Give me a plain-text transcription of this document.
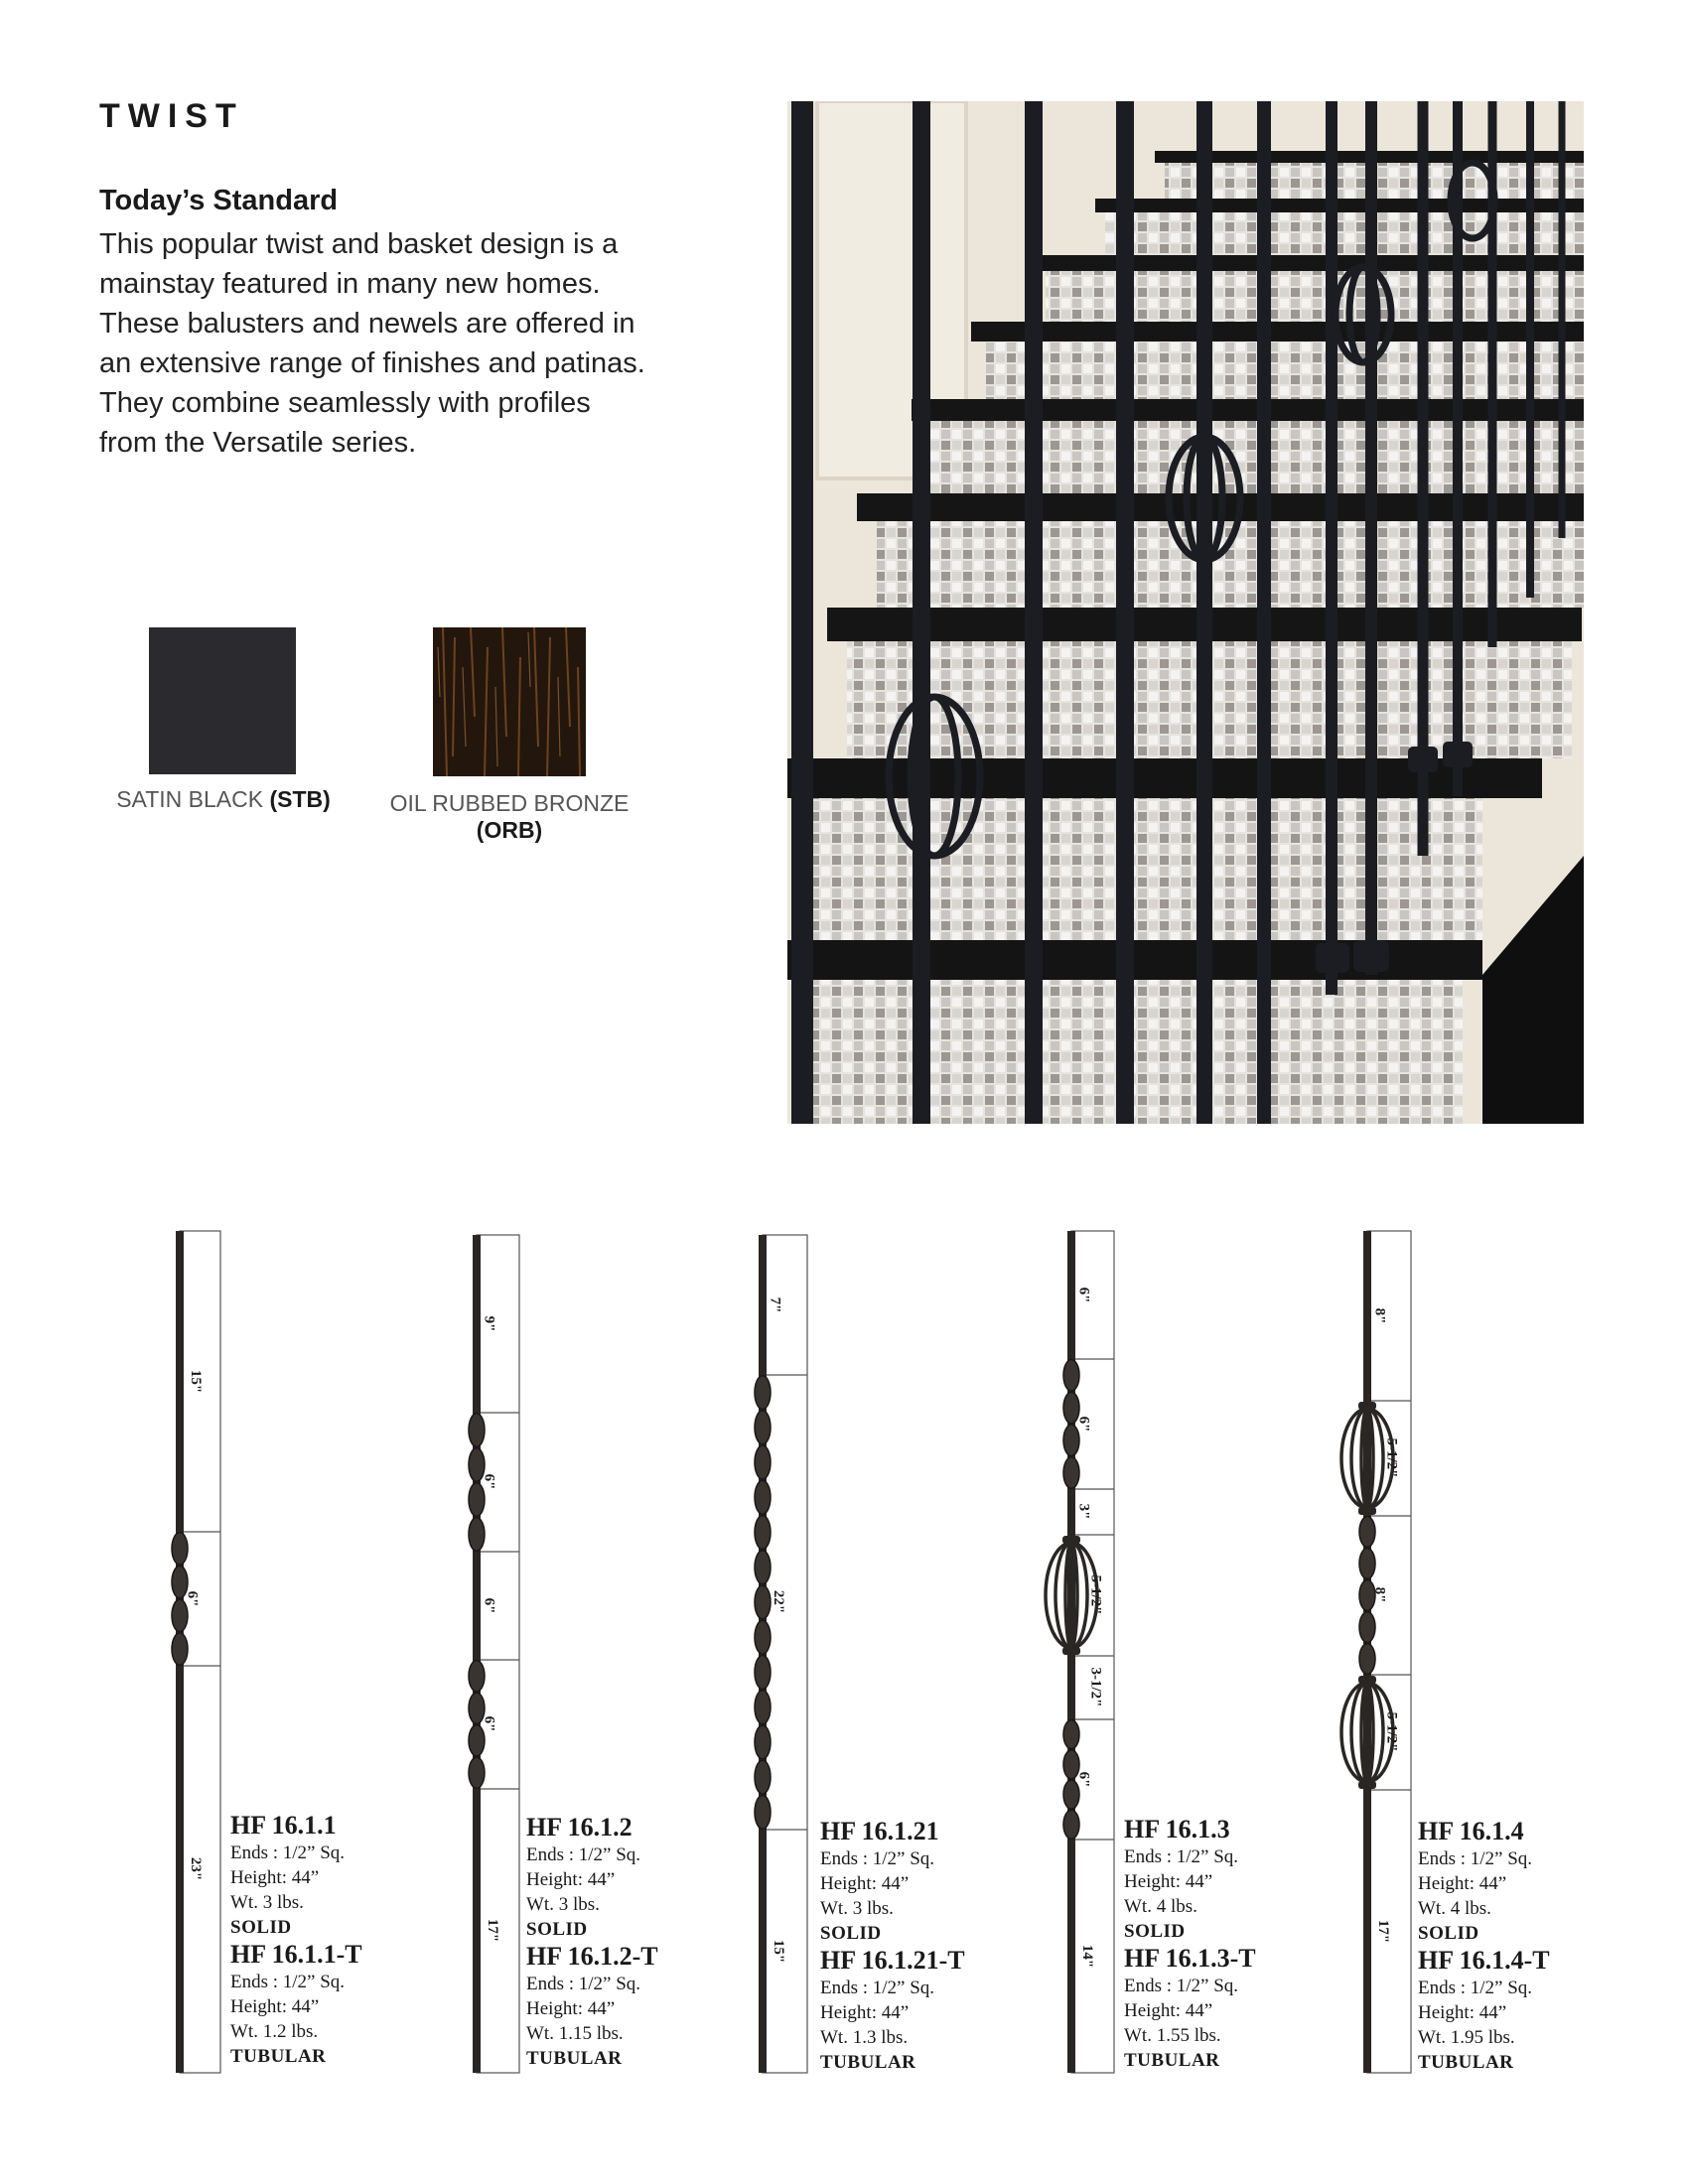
TWIST
Today’s Standard
This popular twist and basket design is a
mainstay featured in many new homes.
These balusters and newels are offered in
an extensive range of finishes and patinas.
They combine seamlessly with profiles
from the Versatile series.
SATIN BLACK (STB)	OIL RUBBED BRONZE
(ORB)
15"
6"
23"
9"
6"
6"
6"
17"
7"
22"
15"
6"
6"
3"
5-1/2"
3-1/2"
6"
14"
8"
5-1/2"
8"
5-1/2"
17"
HF 16.1.1
Ends : 1/2” Sq.
Height: 44”
Wt. 3 lbs.
SOLID
HF 16.1.1-T
Ends : 1/2” Sq.
Height: 44”
Wt. 1.2 lbs.
TUBULAR
HF 16.1.2
Ends : 1/2” Sq.
Height: 44”
Wt. 3 lbs.
SOLID
HF 16.1.2-T
Ends : 1/2” Sq.
Height: 44”
Wt. 1.15 lbs.
TUBULAR
HF 16.1.21
Ends : 1/2” Sq.
Height: 44”
Wt. 3 lbs.
SOLID
HF 16.1.21-T
Ends : 1/2” Sq.
Height: 44”
Wt. 1.3 lbs.
TUBULAR
HF 16.1.3
Ends : 1/2” Sq.
Height: 44”
Wt. 4 lbs.
SOLID
HF 16.1.3-T
Ends : 1/2” Sq.
Height: 44”
Wt. 1.55 lbs.
TUBULAR
HF 16.1.4
Ends : 1/2” Sq.
Height: 44”
Wt. 4 lbs.
SOLID
HF 16.1.4-T
Ends : 1/2” Sq.
Height: 44”
Wt. 1.95 lbs.
TUBULAR
